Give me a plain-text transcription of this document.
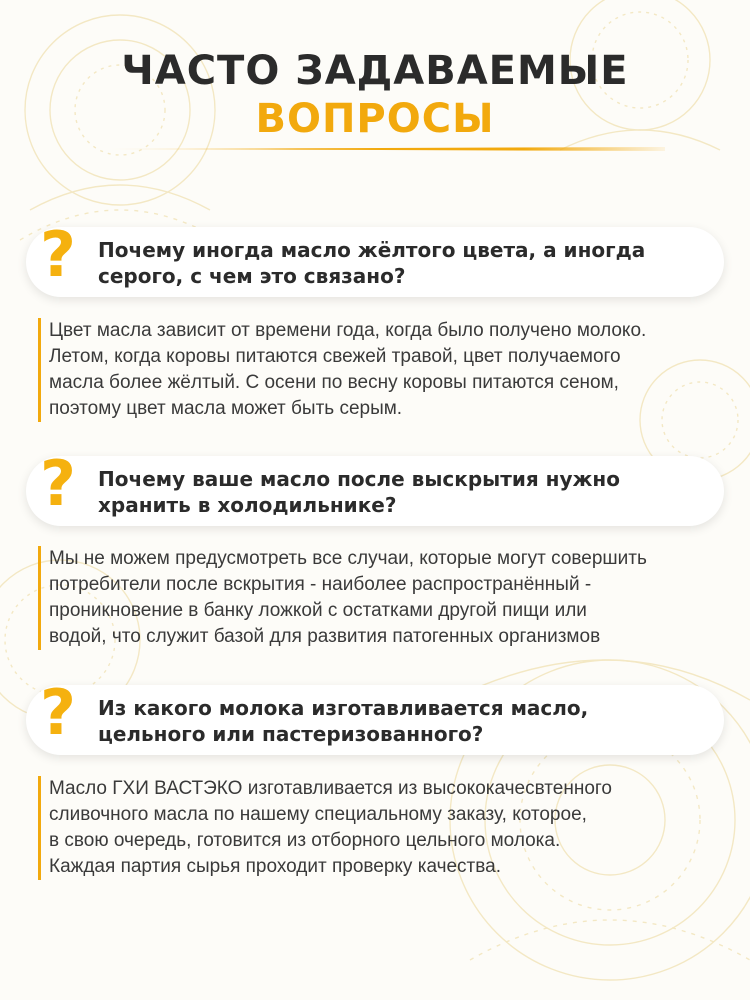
ЧАСТО ЗАДАВАЕМЫЕ
ВОПРОСЫ
? Почему иногда масло жёлтого цвета, а иногда
серого, с чем это связано?
Цвет масла зависит от времени года, когда было получено молоко.
Летом, когда коровы питаются свежей травой, цвет получаемого
масла более жёлтый. С осени по весну коровы питаются сеном,
поэтому цвет масла может быть серым.
? Почему ваше масло после выскрытия нужно
хранить в холодильнике?
Мы не можем предусмотреть все случаи, которые могут совершить
потребители после вскрытия - наиболее распространённый -
проникновение в банку ложкой с остатками другой пищи или
водой, что служит базой для развития патогенных организмов
? Из какого молока изготавливается масло,
цельного или пастеризованного?
Масло ГХИ ВАСТЭКО изготавливается из высококачесвтенного
сливочного масла по нашему специальному заказу, которое,
в свою очередь, готовится из отборного цельного молока.
Каждая партия сырья проходит проверку качества.
